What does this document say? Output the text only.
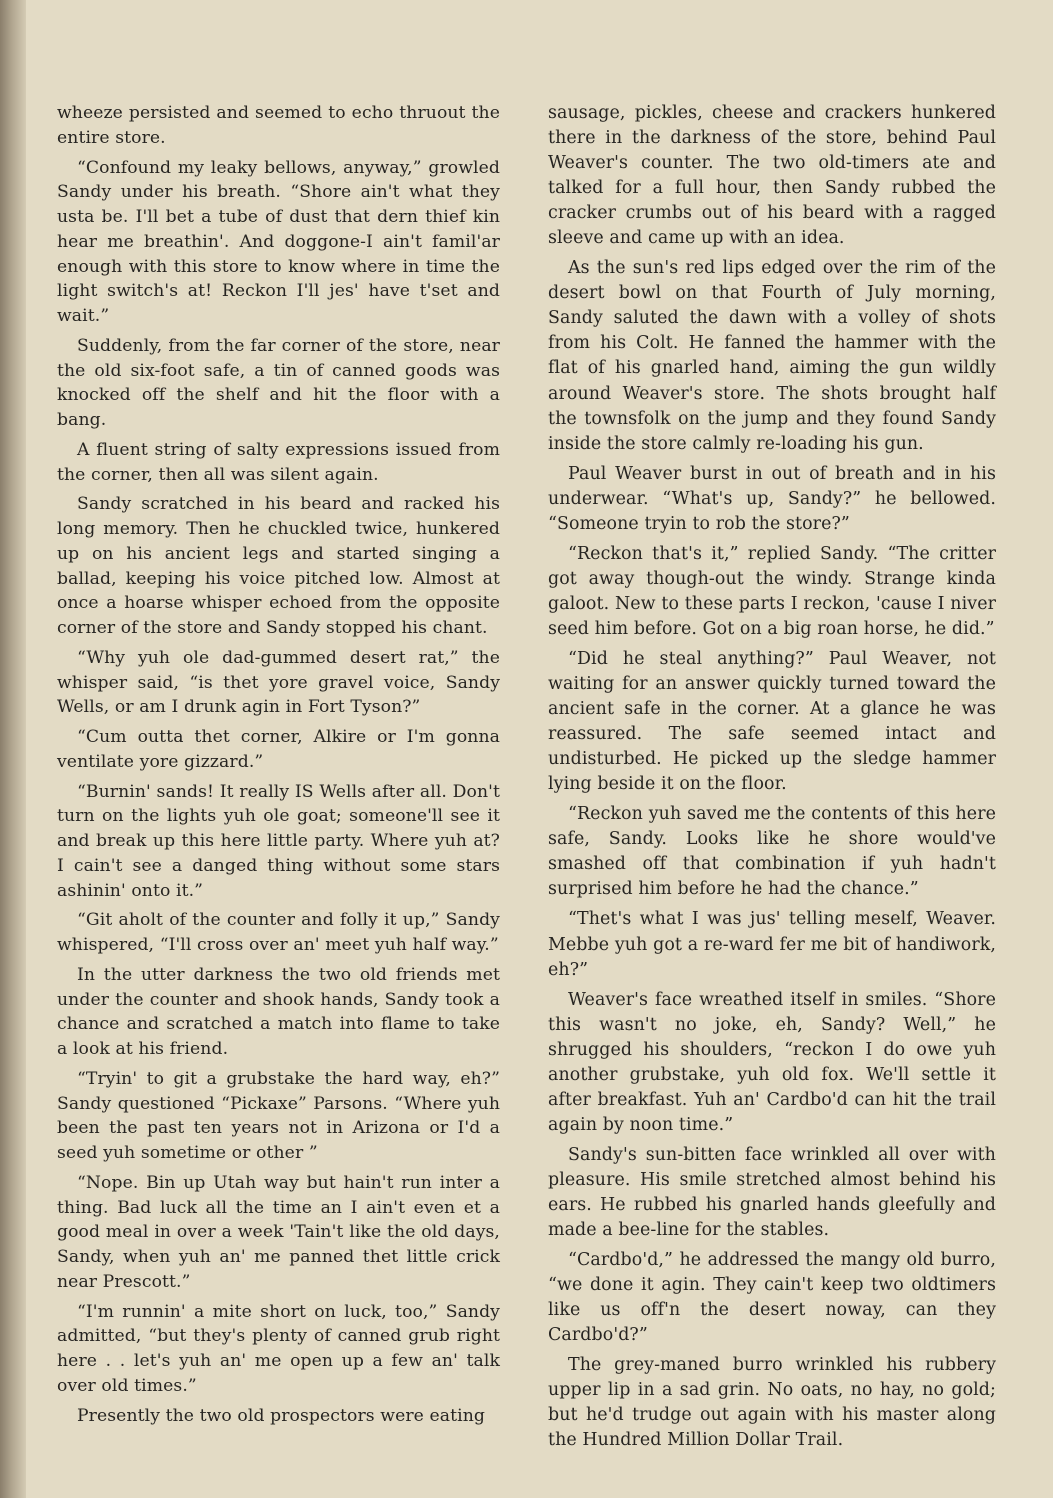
wheeze persisted and seemed to echo thruout the entire store.

“Confound my leaky bellows, anyway,” growled Sandy under his breath. “Shore ain't what they usta be. I'll bet a tube of dust that dern thief kin hear me breathin'. And doggone-I ain't famil'ar enough with this store to know where in time the light switch's at! Reckon I'll jes' have t'set and wait.”

Suddenly, from the far corner of the store, near the old six-foot safe, a tin of canned goods was knocked off the shelf and hit the floor with a bang.

A fluent string of salty expressions issued from the corner, then all was silent again.

Sandy scratched in his beard and racked his long memory. Then he chuckled twice, hunkered up on his ancient legs and started singing a ballad, keeping his voice pitched low. Almost at once a hoarse whisper echoed from the opposite corner of the store and Sandy stopped his chant.

“Why yuh ole dad-gummed desert rat,” the whisper said, “is thet yore gravel voice, Sandy Wells, or am I drunk agin in Fort Tyson?”

“Cum outta thet corner, Alkire or I'm gonna ventilate yore gizzard.”

“Burnin' sands! It really IS Wells after all. Don't turn on the lights yuh ole goat; someone'll see it and break up this here little party. Where yuh at? I cain't see a danged thing without some stars ashinin' onto it.”

“Git aholt of the counter and folly it up,” Sandy whispered, “I'll cross over an' meet yuh half way.”

In the utter darkness the two old friends met under the counter and shook hands, Sandy took a chance and scratched a match into flame to take a look at his friend.

“Tryin' to git a grubstake the hard way, eh?” Sandy questioned “Pickaxe” Parsons. “Where yuh been the past ten years not in Arizona or I'd a seed yuh sometime or other ”

“Nope. Bin up Utah way but hain't run inter a thing. Bad luck all the time an I ain't even et a good meal in over a week 'Tain't like the old days, Sandy, when yuh an' me panned thet little crick near Prescott.”

“I'm runnin' a mite short on luck, too,” Sandy admitted, “but they's plenty of canned grub right here . . let's yuh an' me open up a few an' talk over old times.”

Presently the two old prospectors were eating

sausage, pickles, cheese and crackers hunkered there in the darkness of the store, behind Paul Weaver's counter. The two old-timers ate and talked for a full hour, then Sandy rubbed the cracker crumbs out of his beard with a ragged sleeve and came up with an idea.

As the sun's red lips edged over the rim of the desert bowl on that Fourth of July morning, Sandy saluted the dawn with a volley of shots from his Colt. He fanned the hammer with the flat of his gnarled hand, aiming the gun wildly around Weaver's store. The shots brought half the townsfolk on the jump and they found Sandy inside the store calmly re-loading his gun.

Paul Weaver burst in out of breath and in his underwear. “What's up, Sandy?” he bellowed. “Someone tryin to rob the store?”

“Reckon that's it,” replied Sandy. “The critter got away though-out the windy. Strange kinda galoot. New to these parts I reckon, 'cause I niver seed him before. Got on a big roan horse, he did.”

“Did he steal anything?” Paul Weaver, not waiting for an answer quickly turned toward the ancient safe in the corner. At a glance he was reassured. The safe seemed intact and undisturbed. He picked up the sledge hammer lying beside it on the floor.

“Reckon yuh saved me the contents of this here safe, Sandy. Looks like he shore would've smashed off that combination if yuh hadn't surprised him before he had the chance.”

“Thet's what I was jus' telling meself, Weaver. Mebbe yuh got a re-ward fer me bit of handiwork, eh?”

Weaver's face wreathed itself in smiles. “Shore this wasn't no joke, eh, Sandy? Well,” he shrugged his shoulders, “reckon I do owe yuh another grubstake, yuh old fox. We'll settle it after breakfast. Yuh an' Cardbo'd can hit the trail again by noon time.”

Sandy's sun-bitten face wrinkled all over with pleasure. His smile stretched almost behind his ears. He rubbed his gnarled hands gleefully and made a bee-line for the stables.

“Cardbo'd,” he addressed the mangy old burro, “we done it agin. They cain't keep two oldtimers like us off'n the desert noway, can they Cardbo'd?”

The grey-maned burro wrinkled his rubbery upper lip in a sad grin. No oats, no hay, no gold; but he'd trudge out again with his master along the Hundred Million Dollar Trail.
